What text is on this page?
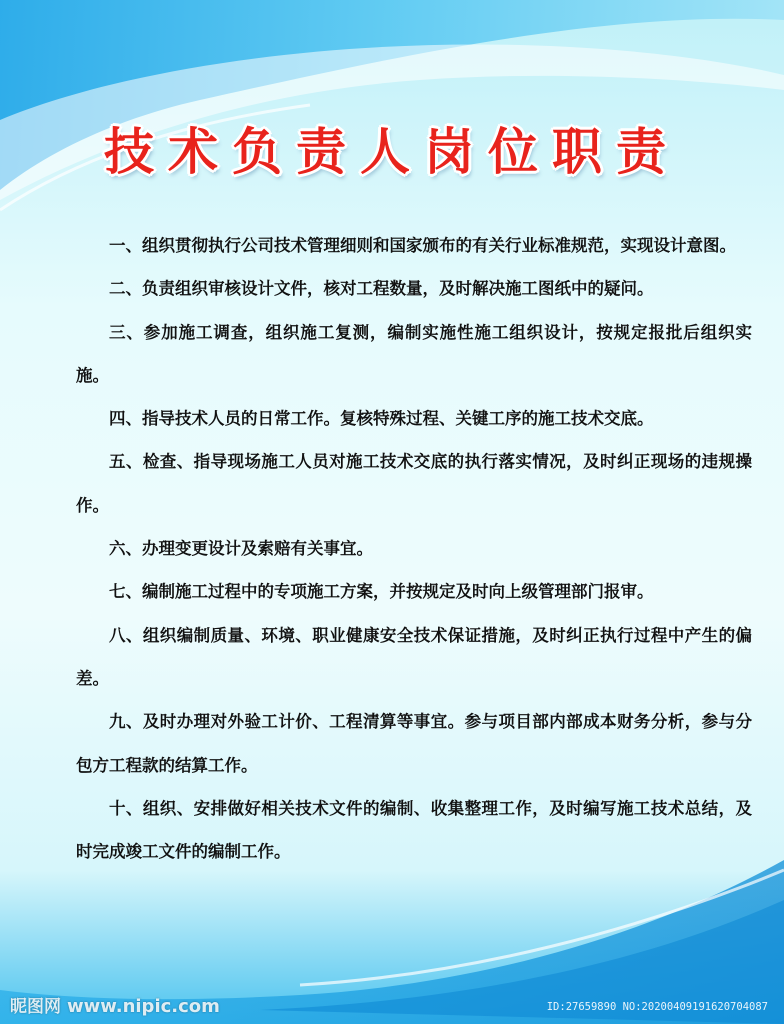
技术负责人岗位职责

一、组织贯彻执行公司技术管理细则和国家颁布的有关行业标准规范，实现设计意图。

二、负责组织审核设计文件，核对工程数量，及时解决施工图纸中的疑问。

三、参加施工调查，组织施工复测，编制实施性施工组织设计，按规定报批后组织实施。

四、指导技术人员的日常工作。复核特殊过程、关键工序的施工技术交底。

五、检查、指导现场施工人员对施工技术交底的执行落实情况，及时纠正现场的违规操作。

六、办理变更设计及索赔有关事宜。

七、编制施工过程中的专项施工方案，并按规定及时向上级管理部门报审。

八、组织编制质量、环境、职业健康安全技术保证措施，及时纠正执行过程中产生的偏差。

九、及时办理对外验工计价、工程清算等事宜。参与项目部内部成本财务分析，参与分包方工程款的结算工作。

十、组织、安排做好相关技术文件的编制、收集整理工作，及时编写施工技术总结，及时完成竣工文件的编制工作。

昵图网 www.nipic.com	ID:27659890 NO:20200409191620704087
